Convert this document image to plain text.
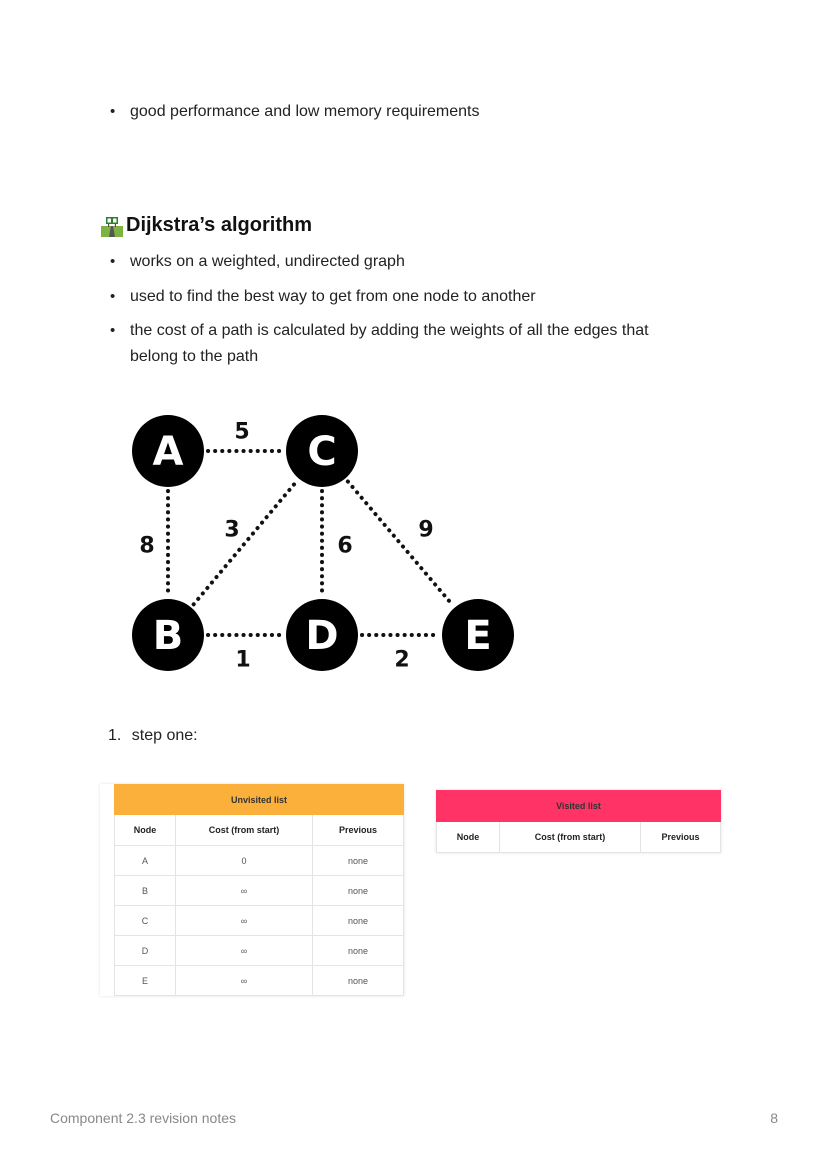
• good performance and low memory requirements
Dijkstra’s algorithm
• works on a weighted, undirected graph
• used to find the best way to get from one node to another
• the cost of a path is calculated by adding the weights of all the edges that belong to the path
A
B
C
D	E
5
8
3
6
9
1	2
1. step one:
Unvisited list		
Node	Cost (from start)	Previous
A	0	none
B	∞	none
C	∞	none
D	∞	none
E	∞	none
Visited list
Node	Cost (from start)	Previous
Component 2.3 revision notes	8
